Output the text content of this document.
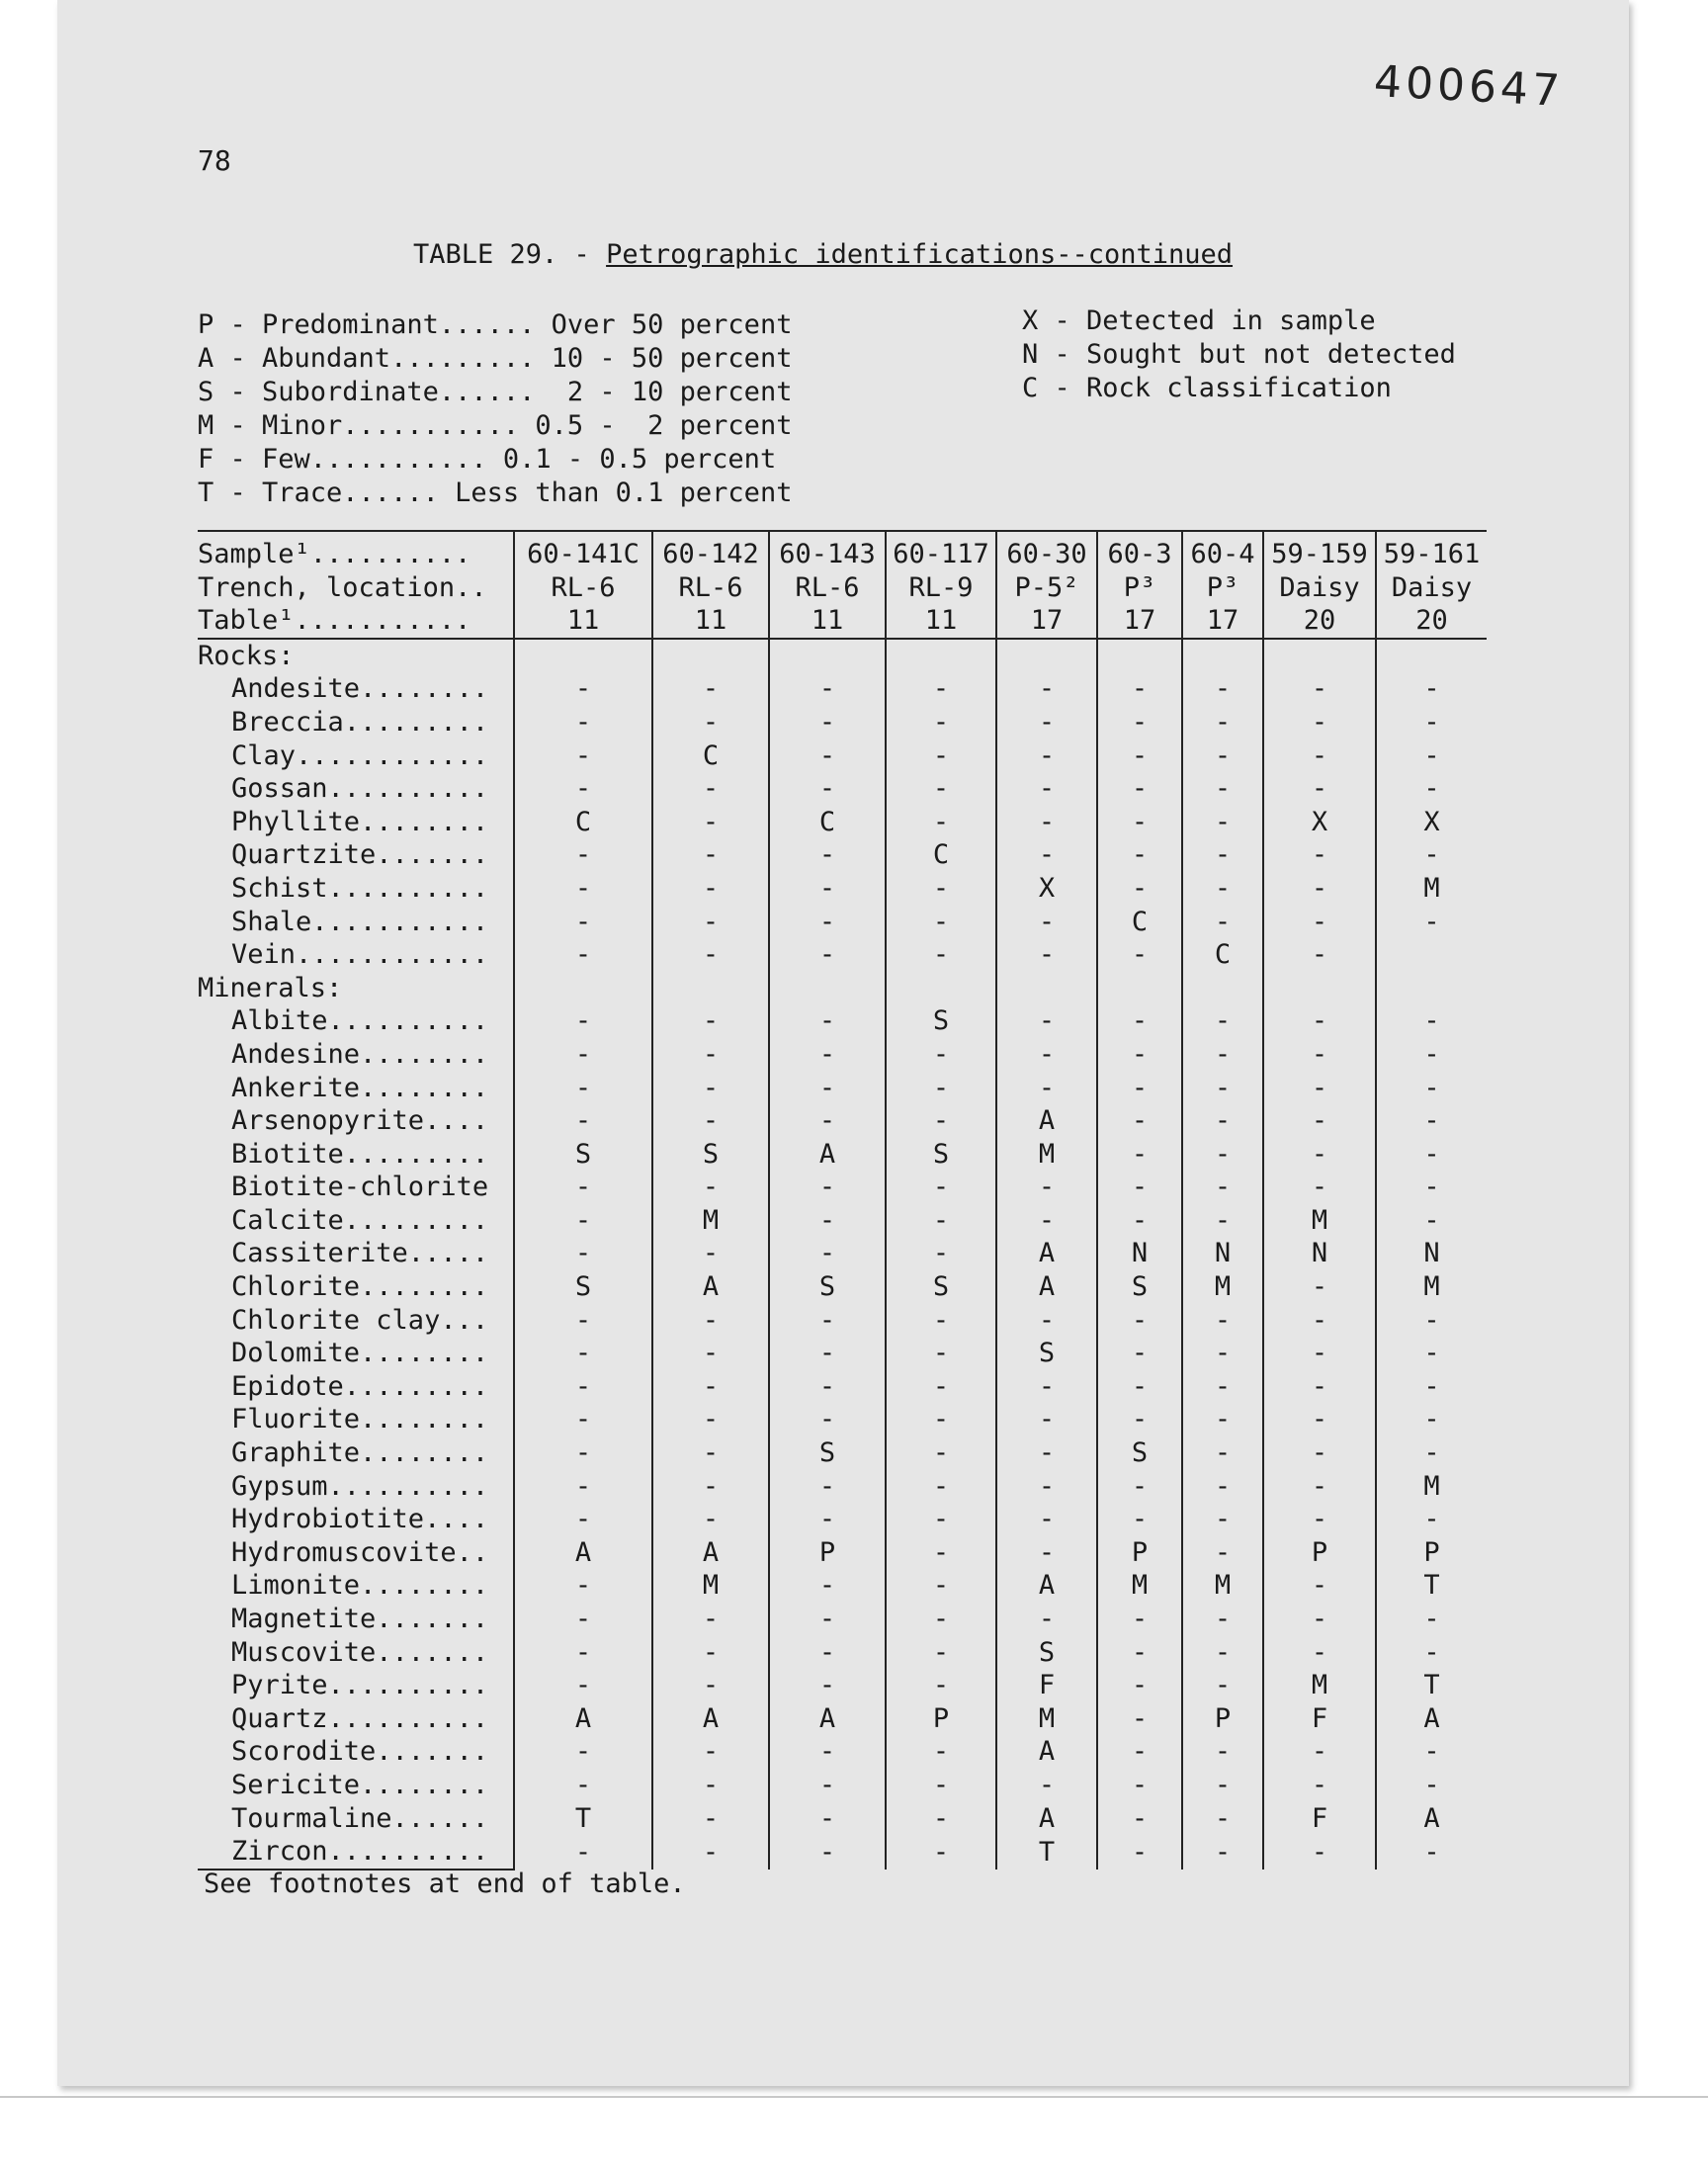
400647
78
TABLE 29. - Petrographic identifications--continued
P - Predominant...... Over 50 percent
A - Abundant......... 10 - 50 percent
S - Subordinate......  2 - 10 percent
M - Minor........... 0.5 -  2 percent
F - Few........... 0.1 - 0.5 percent
T - Trace...... Less than 0.1 percent
X - Detected in sample
N - Sought but not detected
C - Rock classification
Sample¹..........	60-141C	60-142	60-143	60-117	60-30	60-3	60-4	59-159	59-161
Trench, location..	RL-6	RL-6	RL-6	RL-9	P-5²	P³	P³	Daisy	Daisy
Table¹...........	11	11	11	11	17	17	17	20	20
Rocks:									
Andesite........	-	-	-	-	-	-	-	-	-
Breccia.........	-	-	-	-	-	-	-	-	-
Clay............	-	C	-	-	-	-	-	-	-
Gossan..........	-	-	-	-	-	-	-	-	-
Phyllite........	C	-	C	-	-	-	-	X	X
Quartzite.......	-	-	-	C	-	-	-	-	-
Schist..........	-	-	-	-	X	-	-	-	M
Shale...........	-	-	-	-	-	C	-	-	-
Vein............	-	-	-	-	-	-	C	-	
Minerals:									
Albite..........	-	-	-	S	-	-	-	-	-
Andesine........	-	-	-	-	-	-	-	-	-
Ankerite........	-	-	-	-	-	-	-	-	-
Arsenopyrite....	-	-	-	-	A	-	-	-	-
Biotite.........	S	S	A	S	M	-	-	-	-
Biotite-chlorite	-	-	-	-	-	-	-	-	-
Calcite.........	-	M	-	-	-	-	-	M	-
Cassiterite.....	-	-	-	-	A	N	N	N	N
Chlorite........	S	A	S	S	A	S	M	-	M
Chlorite clay...	-	-	-	-	-	-	-	-	-
Dolomite........	-	-	-	-	S	-	-	-	-
Epidote.........	-	-	-	-	-	-	-	-	-
Fluorite........	-	-	-	-	-	-	-	-	-
Graphite........	-	-	S	-	-	S	-	-	-
Gypsum..........	-	-	-	-	-	-	-	-	M
Hydrobiotite....	-	-	-	-	-	-	-	-	-
Hydromuscovite..	A	A	P	-	-	P	-	P	P
Limonite........	-	M	-	-	A	M	M	-	T
Magnetite.......	-	-	-	-	-	-	-	-	-
Muscovite.......	-	-	-	-	S	-	-	-	-
Pyrite..........	-	-	-	-	F	-	-	M	T
Quartz..........	A	A	A	P	M	-	P	F	A
Scorodite.......	-	-	-	-	A	-	-	-	-
Sericite........	-	-	-	-	-	-	-	-	-
Tourmaline......	T	-	-	-	A	-	-	F	A
Zircon..........	-	-	-	-	T	-	-	-	-
See footnotes at end of table.
